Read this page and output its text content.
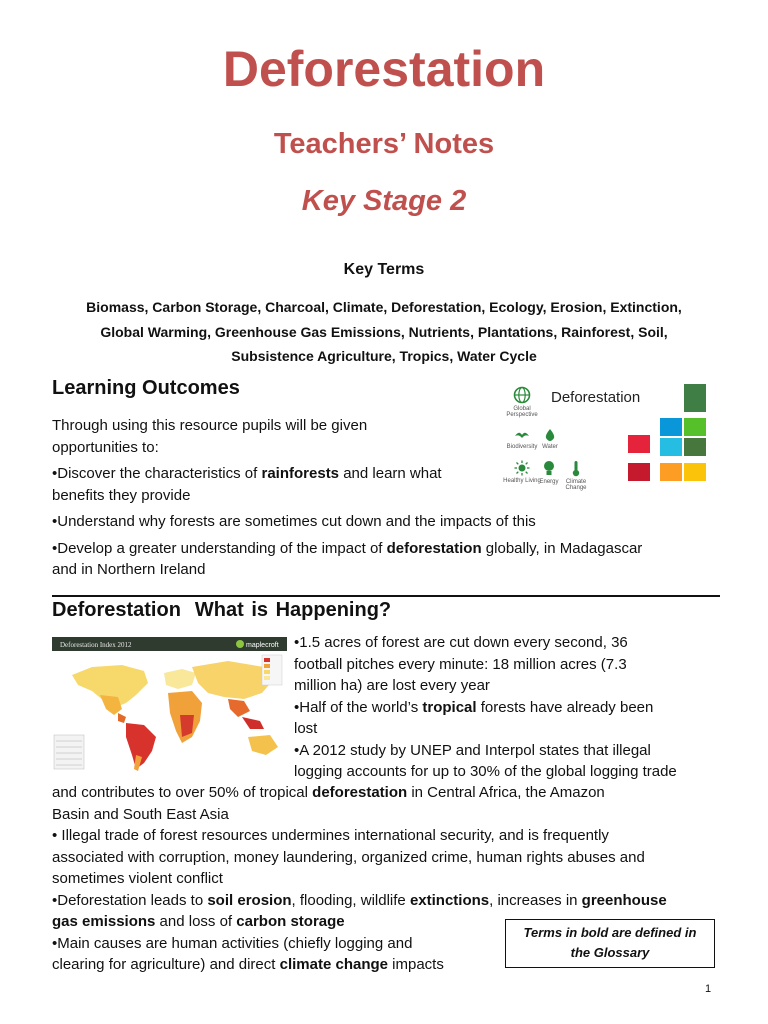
Deforestation
Teachers’ Notes
Key Stage 2
Key Terms
Biomass, Carbon Storage, Charcoal, Climate, Deforestation, Ecology, Erosion, Extinction,
Global Warming, Greenhouse Gas Emissions, Nutrients, Plantations, Rainforest, Soil,
Subsistence Agriculture, Tropics, Water Cycle
Learning Outcomes
Through using this resource pupils will be given
opportunities to:
•Discover the characteristics of rainforests and learn what
benefits they provide
•Understand why forests are sometimes cut down and the impacts of this
•Develop a greater understanding of the impact of deforestation globally, in Madagascar
and in Northern Ireland
Deforestation
Global Perspective
Biodiversity Water
Healthy Living
Energy	Climate Change
Deforestation What is Happening?
Deforestation Index 2012	maplecroft •1.5 acres of forest are cut down every second, 36
football pitches every minute: 18 million acres (7.3
million ha) are lost every year
•Half of the world’s tropical forests have already been
lost
•A 2012 study by UNEP and Interpol states that illegal
logging accounts for up to 30% of the global logging trade
and contributes to over 50% of tropical deforestation in Central Africa, the Amazon
Basin and South East Asia
• Illegal trade of forest resources undermines international security, and is frequently
associated with corruption, money laundering, organized crime, human rights abuses and
sometimes violent conflict
•Deforestation leads to soil erosion, flooding, wildlife extinctions, increases in greenhouse
gas emissions and loss of carbon storage
•Main causes are human activities (chiefly logging and
clearing for agriculture) and direct climate change impacts
Terms in bold are defined in
the Glossary
1
